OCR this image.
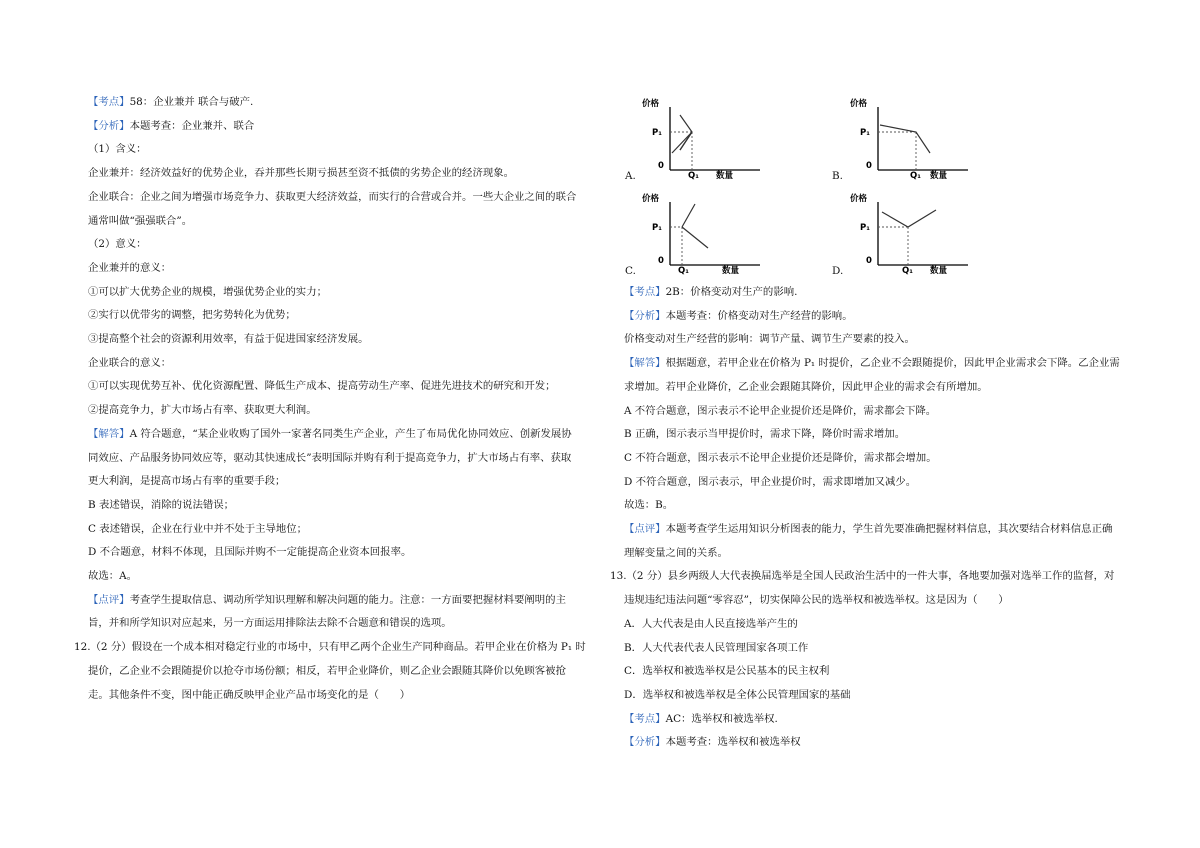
【考点】58：企业兼并 联合与破产.
【分析】本题考查：企业兼并、联合
（1）含义：
企业兼并：经济效益好的优势企业，吞并那些长期亏损甚至资不抵债的劣势企业的经济现象。
企业联合：企业之间为增强市场竞争力、获取更大经济效益，而实行的合营或合并。一些大企业之间的联合
通常叫做“强强联合”。
（2）意义：
企业兼并的意义：
①可以扩大优势企业的规模，增强优势企业的实力；
②实行以优带劣的调整，把劣势转化为优势；
③提高整个社会的资源利用效率，有益于促进国家经济发展。
企业联合的意义：
①可以实现优势互补、优化资源配置、降低生产成本、提高劳动生产率、促进先进技术的研究和开发；
②提高竞争力，扩大市场占有率、获取更大利润。
【解答】A 符合题意，“某企业收购了国外一家著名同类生产企业，产生了布局优化协同效应、创新发展协
同效应、产品服务协同效应等，驱动其快速成长”表明国际并购有利于提高竞争力，扩大市场占有率、获取
更大利润，是提高市场占有率的重要手段；
B 表述错误，消除的说法错误；
C 表述错误，企业在行业中并不处于主导地位；
D 不合题意，材料不体现，且国际并购不一定能提高企业资本回报率。
故选：A。
【点评】考查学生提取信息、调动所学知识理解和解决问题的能力。注意：一方面要把握材料要阐明的主
旨，并和所学知识对应起来，另一方面运用排除法去除不合题意和错误的选项。
12.（2 分）假设在一个成本相对稳定行业的市场中，只有甲乙两个企业生产同种商品。若甲企业在价格为 P₁ 时
提价，乙企业不会跟随提价以抢夺市场份额；相反，若甲企业降价，则乙企业会跟随其降价以免顾客被抢
走。其他条件不变，图中能正确反映甲企业产品市场变化的是（　　）
价格
P₁
0
Q₁ 数量
A.
价格
P₁
0
Q₁ 数量
B.
价格
P₁
0
Q₁	数量
C.
价格
P₁
0
Q₁ 数量
D.
【考点】2B：价格变动对生产的影响.
【分析】本题考查：价格变动对生产经营的影响。
价格变动对生产经营的影响：调节产量、调节生产要素的投入。
【解答】根据题意，若甲企业在价格为 P₁ 时提价，乙企业不会跟随提价，因此甲企业需求会下降。乙企业需
求增加。若甲企业降价，乙企业会跟随其降价，因此甲企业的需求会有所增加。
A 不符合题意，图示表示不论甲企业提价还是降价，需求都会下降。
B 正确，图示表示当甲提价时，需求下降，降价时需求增加。
C 不符合题意，图示表示不论甲企业提价还是降价，需求都会增加。
D 不符合题意，图示表示，甲企业提价时，需求即增加又减少。
故选：B。
【点评】本题考查学生运用知识分析图表的能力，学生首先要准确把握材料信息，其次要结合材料信息正确
理解变量之间的关系。
13.（2 分）县乡两级人大代表换届选举是全国人民政治生活中的一件大事，各地要加强对选举工作的监督，对
违规违纪违法问题“零容忍”，切实保障公民的选举权和被选举权。这是因为（　　）
A．人大代表是由人民直接选举产生的
B．人大代表代表人民管理国家各项工作
C．选举权和被选举权是公民基本的民主权利
D．选举权和被选举权是全体公民管理国家的基础
【考点】AC：选举权和被选举权.
【分析】本题考查：选举权和被选举权
